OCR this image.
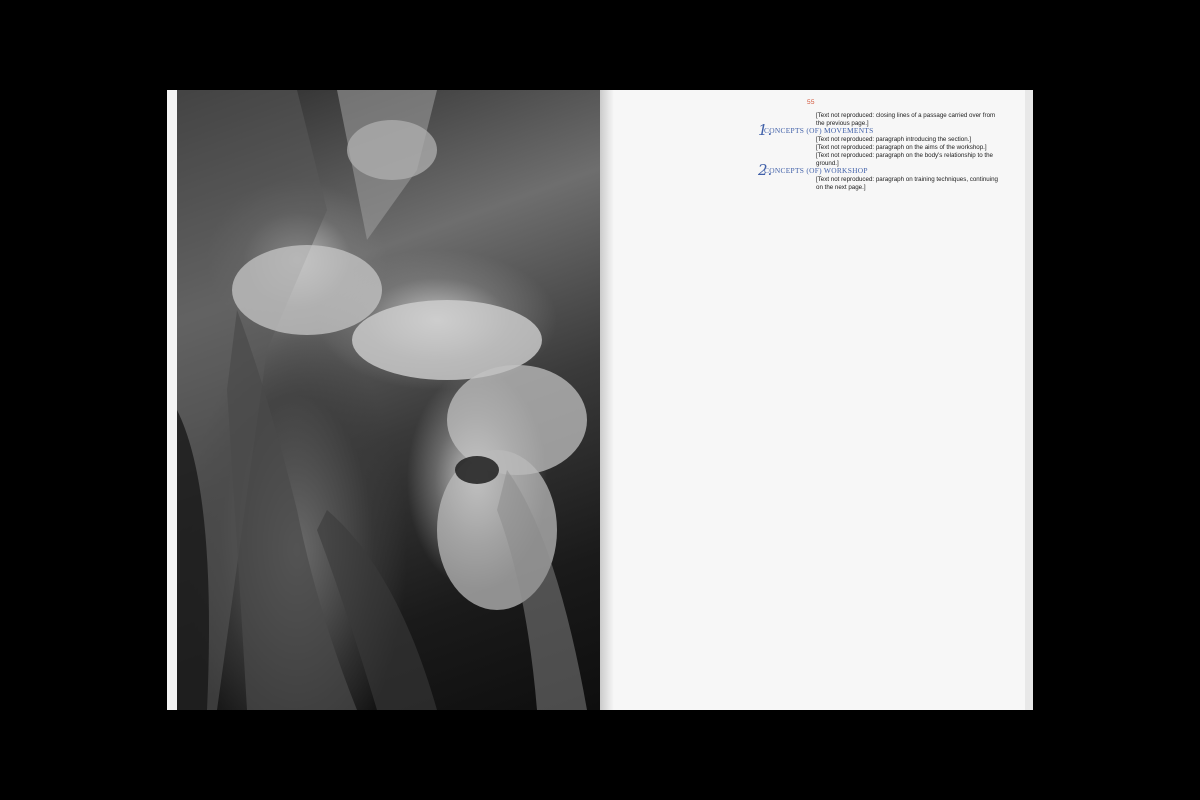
55

[Text not reproduced: closing lines of a passage carried over from the previous page.]

1.
CONCEPTS (OF) MOVEMENTS

[Text not reproduced: paragraph introducing the section.]

[Text not reproduced: paragraph on the aims of the workshop.]

[Text not reproduced: paragraph on the body's relationship to the ground.]

2.
CONCEPTS (OF) WORKSHOP

[Text not reproduced: paragraph on training techniques, continuing on the next page.]
